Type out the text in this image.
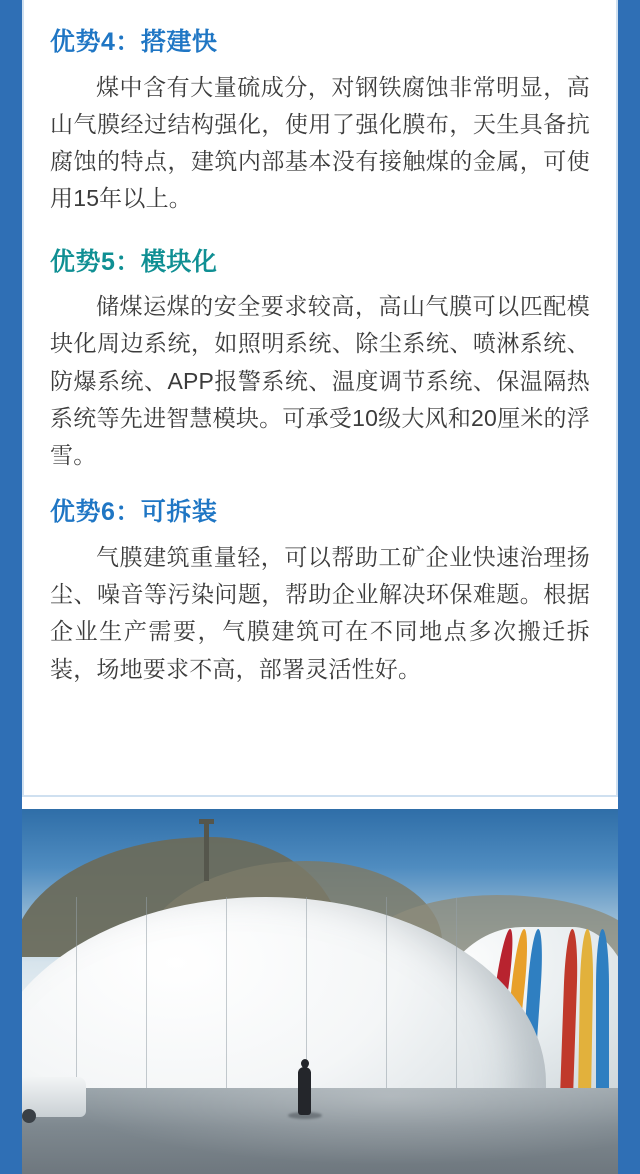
优势4：搭建快

煤中含有大量硫成分，对钢铁腐蚀非常明显，高山气膜经过结构强化，使用了强化膜布，天生具备抗腐蚀的特点，建筑内部基本没有接触煤的金属，可使用15年以上。

优势5：模块化

储煤运煤的安全要求较高，高山气膜可以匹配模块化周边系统，如照明系统、除尘系统、喷淋系统、防爆系统、APP报警系统、温度调节系统、保温隔热系统等先进智慧模块。可承受10级大风和20厘米的浮雪。

优势6：可拆装

气膜建筑重量轻，可以帮助工矿企业快速治理扬尘、噪音等污染问题，帮助企业解决环保难题。根据企业生产需要，气膜建筑可在不同地点多次搬迁拆装，场地要求不高，部署灵活性好。
